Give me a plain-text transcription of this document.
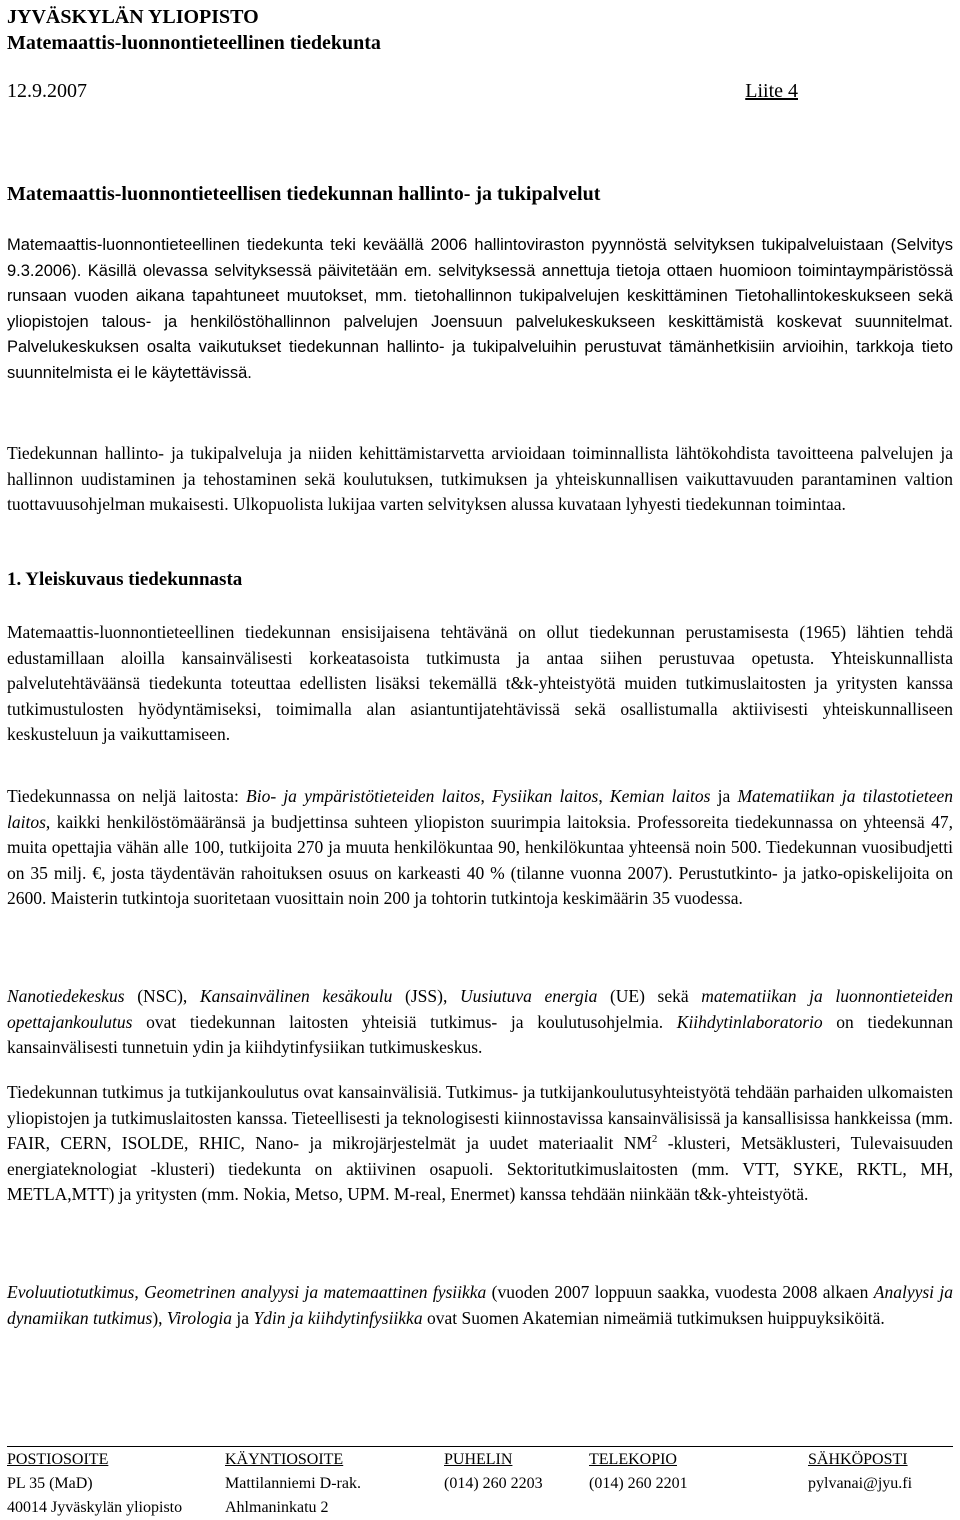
JYVÄSKYLÄN YLIOPISTO
Matemaattis-luonnontieteellinen tiedekunta
12.9.2007	Liite 4
Matemaattis-luonnontieteellisen tiedekunnan hallinto- ja tukipalvelut
Matemaattis-luonnontieteellinen tiedekunta teki keväällä 2006 hallintoviraston pyynnöstä selvityksen tukipalveluistaan (Selvitys 9.3.2006). Käsillä olevassa selvityksessä päivitetään em. selvityksessä annettuja tietoja ottaen huomioon toimintaympäristössä runsaan vuoden aikana tapahtuneet muutokset, mm. tietohallinnon tukipalvelujen keskittäminen Tietohallintokeskukseen sekä yliopistojen talous- ja henkilöstöhallinnon palvelujen Joensuun palvelukeskukseen keskittämistä koskevat suunnitelmat. Palvelukeskuksen osalta vaikutukset tiedekunnan hallinto- ja tukipalveluihin perustuvat tämänhetkisiin arvioihin, tarkkoja tieto suunnitelmista ei le käytettävissä.
Tiedekunnan hallinto- ja tukipalveluja ja niiden kehittämistarvetta arvioidaan toiminnallista lähtökohdista tavoitteena palvelujen ja hallinnon uudistaminen ja tehostaminen sekä koulutuksen, tutkimuksen ja yhteiskunnallisen vaikuttavuuden parantaminen valtion tuottavuusohjelman mukaisesti. Ulkopuolista lukijaa varten selvityksen alussa kuvataan lyhyesti tiedekunnan toimintaa.
1. Yleiskuvaus tiedekunnasta
Matemaattis-luonnontieteellinen tiedekunnan ensisijaisena tehtävänä on ollut tiedekunnan perustamisesta (1965) lähtien tehdä edustamillaan aloilla kansainvälisesti korkeatasoista tutkimusta ja antaa siihen perustuvaa opetusta. Yhteiskunnallista palvelutehtäväänsä tiedekunta toteuttaa edellisten lisäksi tekemällä t&k-yhteistyötä muiden tutkimuslaitosten ja yritysten kanssa tutkimustulosten hyödyntämiseksi, toimimalla alan asiantuntijatehtävissä sekä osallistumalla aktiivisesti yhteiskunnalliseen keskusteluun ja vaikuttamiseen.
Tiedekunnassa on neljä laitosta: Bio- ja ympäristötieteiden laitos, Fysiikan laitos, Kemian laitos ja Matematiikan ja tilastotieteen laitos, kaikki henkilöstömääränsä ja budjettinsa suhteen yliopiston suurimpia laitoksia. Professoreita tiedekunnassa on yhteensä 47, muita opettajia vähän alle 100, tutkijoita 270 ja muuta henkilökuntaa 90, henkilökuntaa yhteensä noin 500. Tiedekunnan vuosibudjetti on 35 milj. €, josta täydentävän rahoituksen osuus on karkeasti 40 % (tilanne vuonna 2007). Perustutkinto- ja jatko-opiskelijoita on 2600. Maisterin tutkintoja suoritetaan vuosittain noin 200 ja tohtorin tutkintoja keskimäärin 35 vuodessa.
Nanotiedekeskus (NSC), Kansainvälinen kesäkoulu (JSS), Uusiutuva energia (UE) sekä matematiikan ja luonnontieteiden opettajankoulutus ovat tiedekunnan laitosten yhteisiä tutkimus- ja koulutusohjelmia. Kiihdytinlaboratorio on tiedekunnan kansainvälisesti tunnetuin ydin ja kiihdytinfysiikan tutkimuskeskus.
Tiedekunnan tutkimus ja tutkijankoulutus ovat kansainvälisiä. Tutkimus- ja tutkijankoulutusyhteistyötä tehdään parhaiden ulkomaisten yliopistojen ja tutkimuslaitosten kanssa. Tieteellisesti ja teknologisesti kiinnostavissa kansainvälisissä ja kansallisissa hankkeissa (mm. FAIR, CERN, ISOLDE, RHIC, Nano- ja mikrojärjestelmät ja uudet materiaalit $NM^2$ -klusteri, Metsäklusteri, Tulevaisuuden energiateknologiat -klusteri) tiedekunta on aktiivinen osapuoli. Sektoritutkimuslaitosten (mm. VTT, SYKE, RKTL, MH, METLA,MTT) ja yritysten (mm. Nokia, Metso, UPM. M-real, Enermet) kanssa tehdään niinkään t&k-yhteistyötä.
Evoluutiotutkimus, Geometrinen analyysi ja matemaattinen fysiikka (vuoden 2007 loppuun saakka, vuodesta 2008 alkaen Analyysi ja dynamiikan tutkimus), Virologia ja Ydin ja kiihdytinfysiikka ovat Suomen Akatemian nimeämiä tutkimuksen huippuyksiköitä.
POSTIOSOITE
PL 35 (MaD)
40014 Jyväskylän yliopisto
KÄYNTIOSOITE
Mattilanniemi D-rak.
Ahlmaninkatu 2
PUHELIN
(014) 260 2203
TELEKOPIO
(014) 260 2201
SÄHKÖPOSTI
pylvanai@jyu.fi
